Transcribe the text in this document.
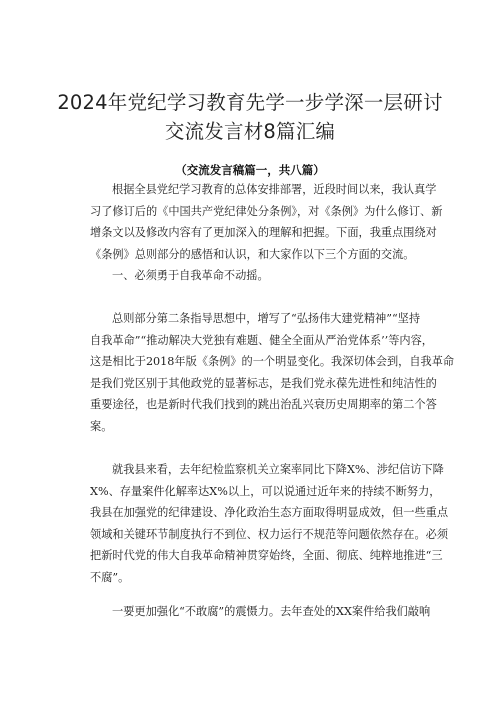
2024年党纪学习教育先学一步学深一层研讨
交流发言材8篇汇编
（交流发言稿篇一，共八篇）
根据全县党纪学习教育的总体安排部署，近段时间以来，我认真学
习了修订后的《中国共产党纪律处分条例》，对《条例》为什么修订、新
增条文以及修改内容有了更加深入的理解和把握。下面，我重点围绕对
《条例》总则部分的感悟和认识，和大家作以下三个方面的交流。
一、必须勇于自我革命不动摇。
总则部分第二条指导思想中，增写了“弘扬伟大建党精神”“坚持
自我革命”“推动解决大党独有难题、健全全面从严治党体系’’等内容，
这是相比于2018年版《条例》的一个明显变化。我深切体会到，自我革命
是我们党区别于其他政党的显著标志，是我们党永葆先进性和纯洁性的
重要途径，也是新时代我们找到的跳出治乱兴衰历史周期率的第二个答
案。
就我县来看，去年纪检监察机关立案率同比下降X%、涉纪信访下降
X%、存量案件化解率达X%以上，可以说通过近年来的持续不断努力，
我县在加强党的纪律建设、净化政治生态方面取得明显成效，但一些重点
领域和关键环节制度执行不到位、权力运行不规范等问题依然存在。必须
把新时代党的伟大自我革命精神贯穿始终，全面、彻底、纯粹地推进“三
不腐”。
一要更加强化“不敢腐”的震慑力。去年查处的XX案件给我们敲响
